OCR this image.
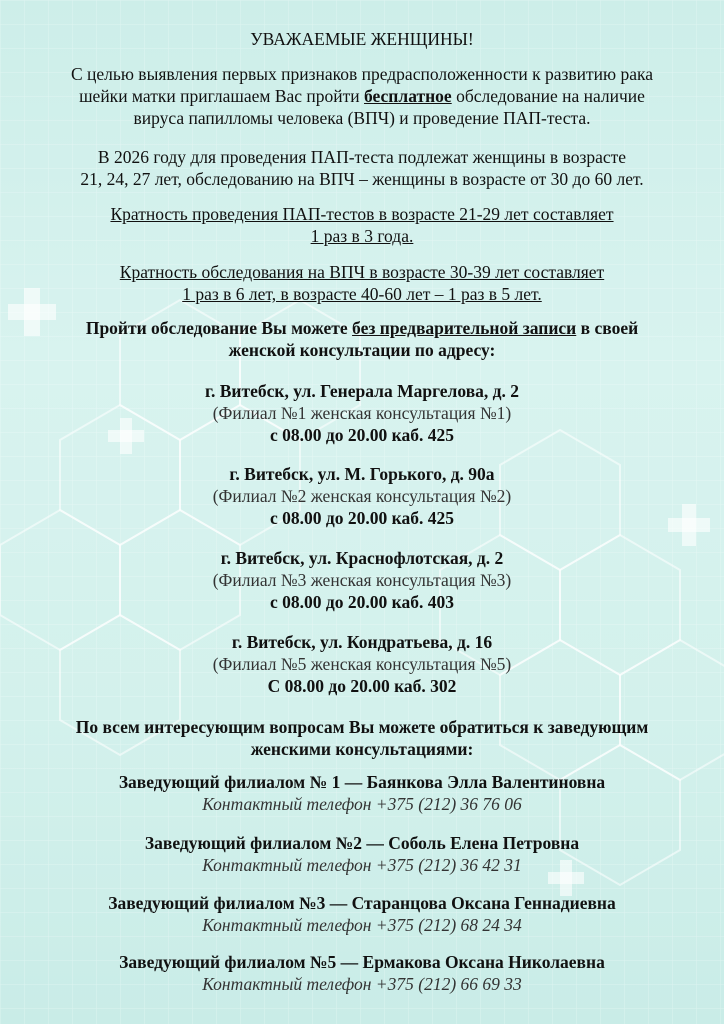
УВАЖАЕМЫЕ ЖЕНЩИНЫ!
С целью выявления первых признаков предрасположенности к развитию рака
шейки матки приглашаем Вас пройти бесплатное обследование на наличие
вируса папилломы человека (ВПЧ) и проведение ПАП-теста.
В 2026 году для проведения ПАП-теста подлежат женщины в возрасте
21, 24, 27 лет, обследованию на ВПЧ – женщины в возрасте от 30 до 60 лет.
Кратность проведения ПАП-тестов в возрасте 21-29 лет составляет
1 раз в 3 года.
Кратность обследования на ВПЧ в возрасте 30-39 лет составляет
1 раз в 6 лет, в возрасте 40-60 лет – 1 раз в 5 лет.
Пройти обследование Вы можете без предварительной записи в своей
женской консультации по адресу:
г. Витебск, ул. Генерала Маргелова, д. 2
(Филиал №1 женская консультация №1)
с 08.00 до 20.00 каб. 425
г. Витебск, ул. М. Горького, д. 90а
(Филиал №2 женская консультация №2)
с 08.00 до 20.00 каб. 425
г. Витебск, ул. Краснофлотская, д. 2
(Филиал №3 женская консультация №3)
с 08.00 до 20.00 каб. 403
г. Витебск, ул. Кондратьева, д. 16
(Филиал №5 женская консультация №5)
С 08.00 до 20.00 каб. 302
По всем интересующим вопросам Вы можете обратиться к заведующим
женскими консультациями:
Заведующий филиалом № 1 — Баянкова Элла Валентиновна
Контактный телефон +375 (212) 36 76 06
Заведующий филиалом №2 — Соболь Елена Петровна
Контактный телефон +375 (212) 36 42 31
Заведующий филиалом №3 — Старанцова Оксана Геннадиевна
Контактный телефон +375 (212) 68 24 34
Заведующий филиалом №5 — Ермакова Оксана Николаевна
Контактный телефон +375 (212) 66 69 33
